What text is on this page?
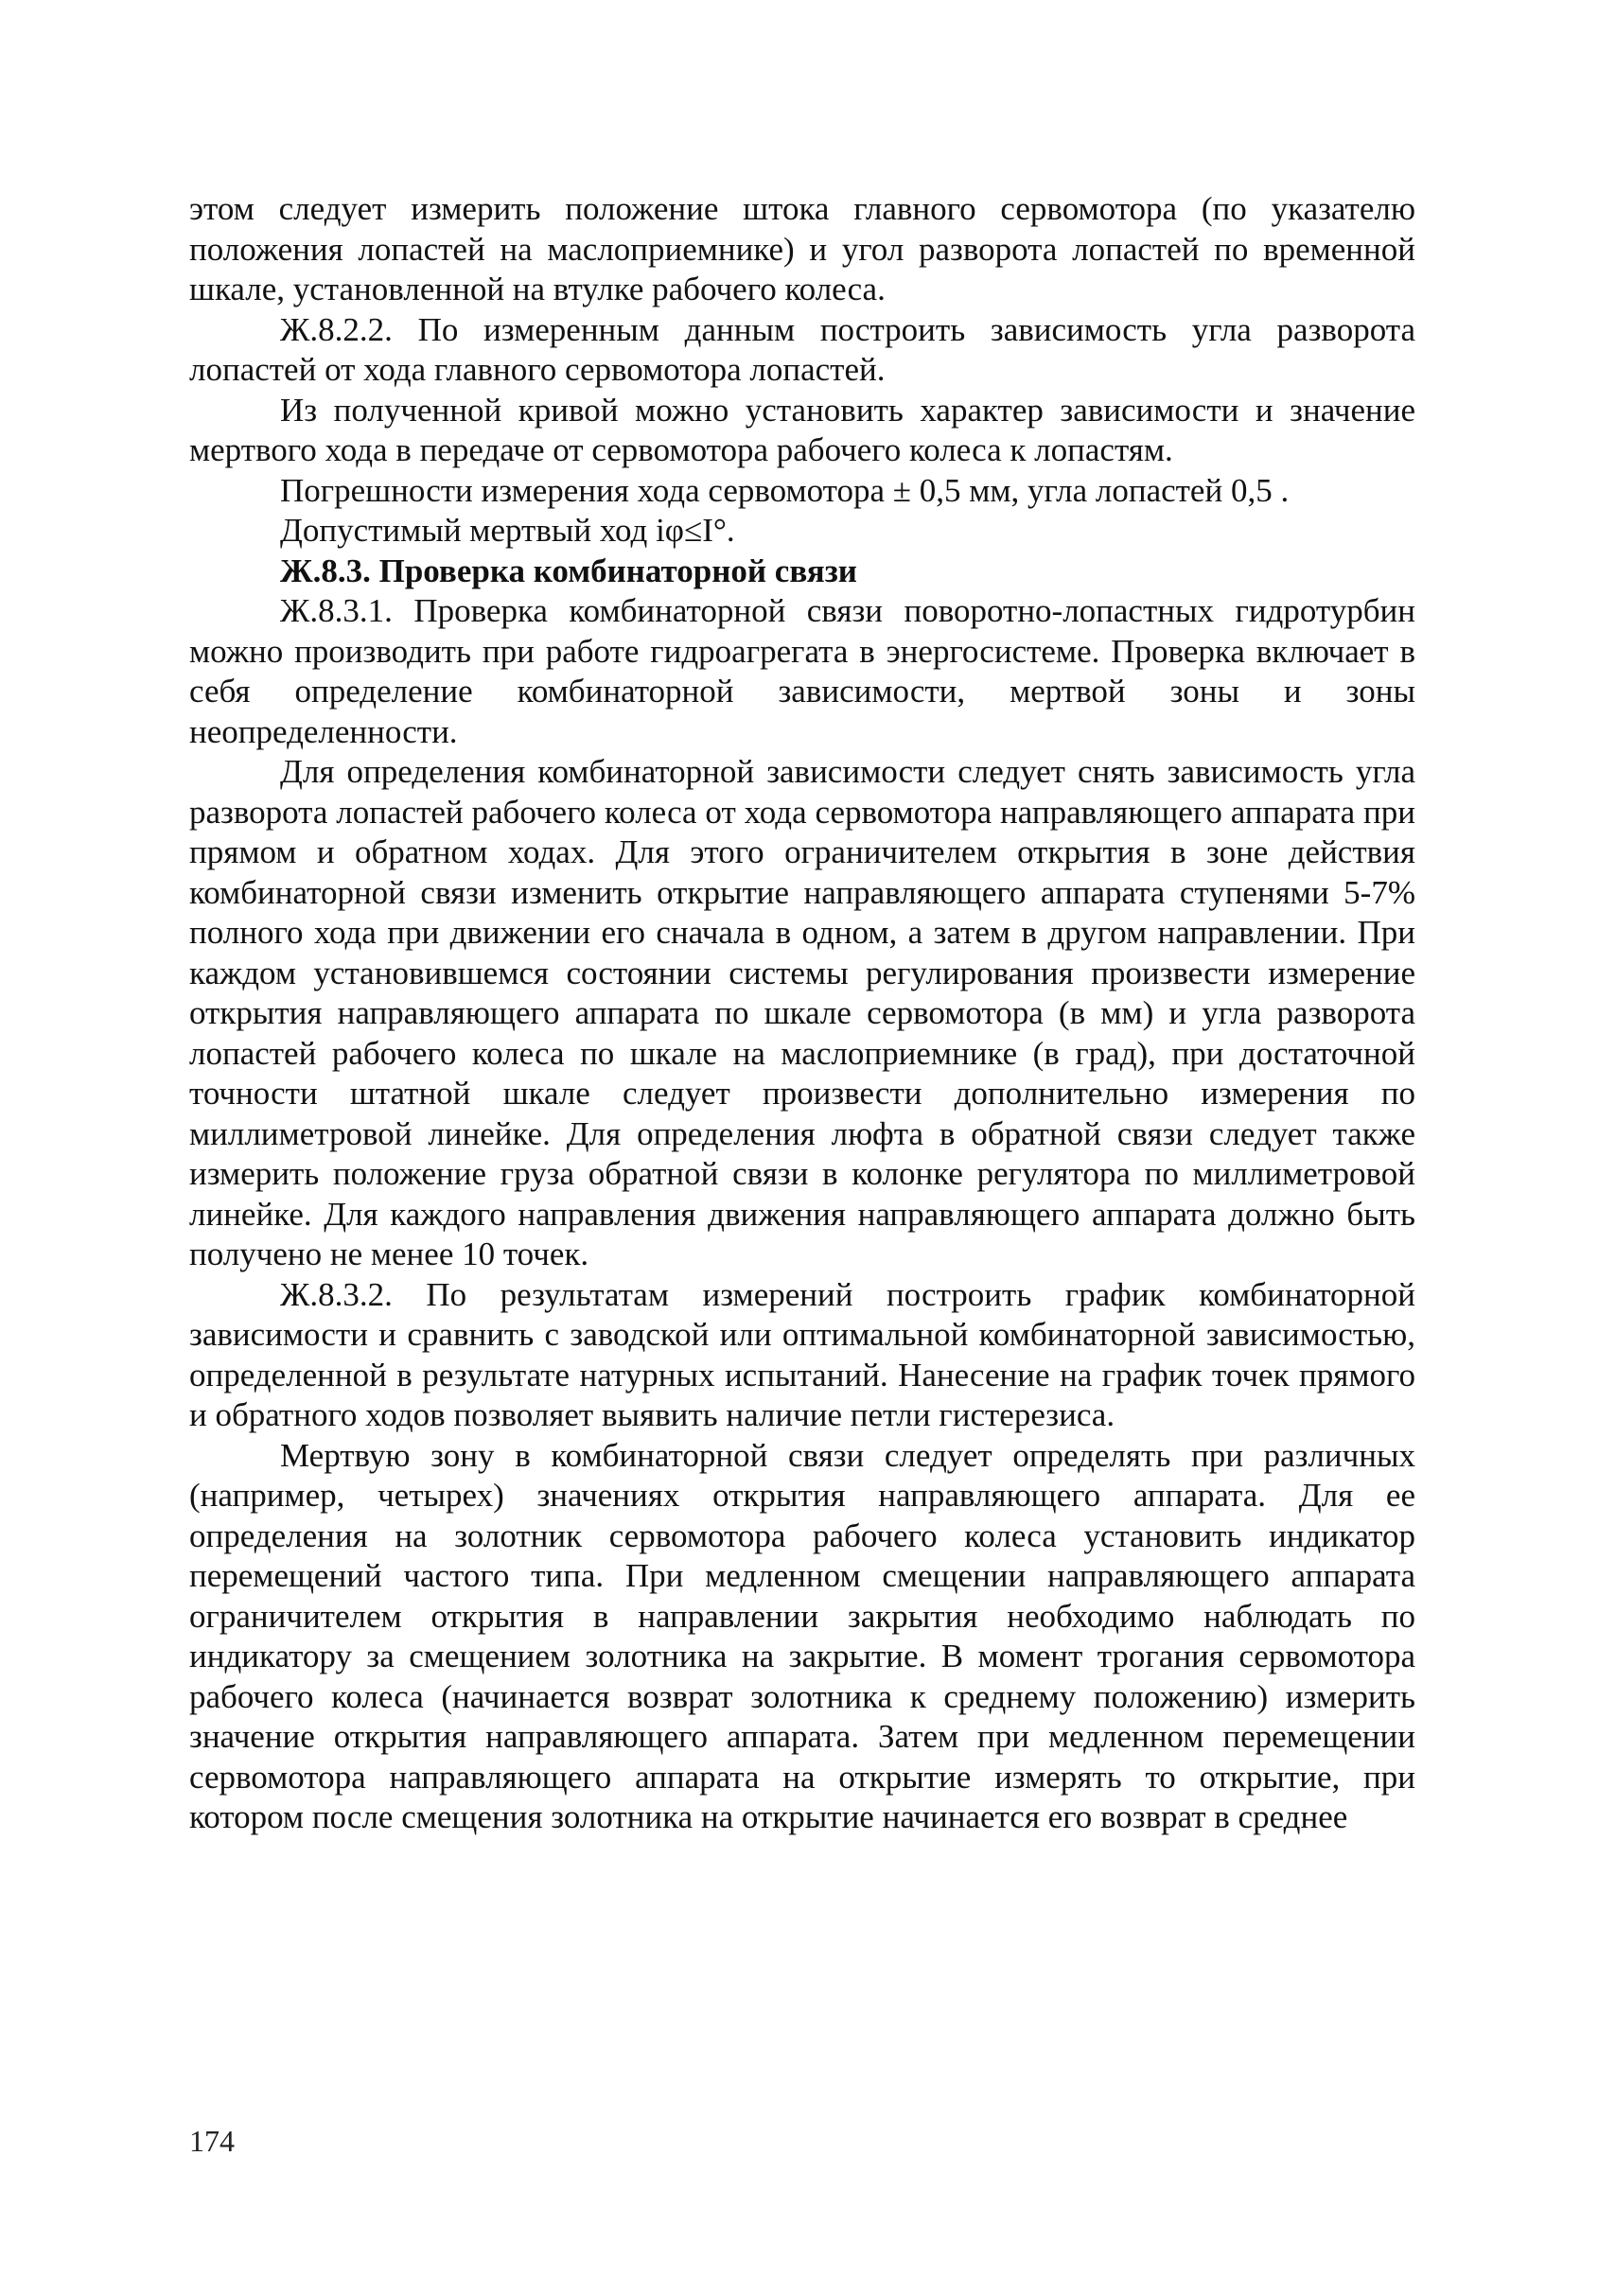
этом следует измерить положение штока главного сервомотора (по указателю положения лопастей на маслоприемнике) и угол разворота лопастей по временной шкале, установленной на втулке рабочего колеса.

Ж.8.2.2. По измеренным данным построить зависимость угла разворота лопастей от хода главного сервомотора лопастей.

Из полученной кривой можно установить характер зависимости и значение мертвого хода в передаче от сервомотора рабочего колеса к лопастям.

Погрешности измерения хода сервомотора ± 0,5 мм, угла лопастей 0,5 .

Допустимый мертвый ход iφ≤I°.

Ж.8.3. Проверка комбинаторной связи

Ж.8.3.1. Проверка комбинаторной связи поворотно-лопастных гидротурбин можно производить при работе гидроагрегата в энергосистеме. Проверка включает в себя определение комбинаторной зависимости, мертвой зоны и зоны неопределенности.

Для определения комбинаторной зависимости следует снять зависимость угла разворота лопастей рабочего колеса от хода сервомотора направляющего аппарата при прямом и обратном ходах. Для этого ограничителем открытия в зоне действия комбинаторной связи изменить открытие направляющего аппарата ступенями 5-7% полного хода при движении его сначала в одном, а затем в другом направлении. При каждом установившемся состоянии системы регулирования произвести измерение открытия направляющего аппарата по шкале сервомотора (в мм) и угла разворота лопастей рабочего колеса по шкале на маслоприемнике (в град), при достаточной точности штатной шкале следует произвести дополнительно измерения по миллиметровой линейке. Для определения люфта в обратной связи следует также измерить положение груза обратной связи в колонке регулятора по миллиметровой линейке. Для каждого направления движения направляющего аппарата должно быть получено не менее 10 точек.

Ж.8.3.2. По результатам измерений построить график комбинаторной зависимости и сравнить с заводской или оптимальной комбинаторной зависимостью, определенной в результате натурных испытаний. Нанесение на график точек прямого и обратного ходов позволяет выявить наличие петли гистерезиса.

Мертвую зону в комбинаторной связи следует определять при различных (например, четырех) значениях открытия направляющего аппарата. Для ее определения на золотник сервомотора рабочего колеса установить индикатор перемещений частого типа. При медленном смещении направляющего аппарата ограничителем открытия в направлении закрытия необходимо наблюдать по индикатору за смещением золотника на закрытие. В момент трогания сервомотора рабочего колеса (начинается возврат золотника к среднему положению) измерить значение открытия направляющего аппарата. Затем при медленном перемещении сервомотора направляющего аппарата на открытие измерять то открытие, при котором после смещения золотника на открытие начинается его возврат в среднее

174
